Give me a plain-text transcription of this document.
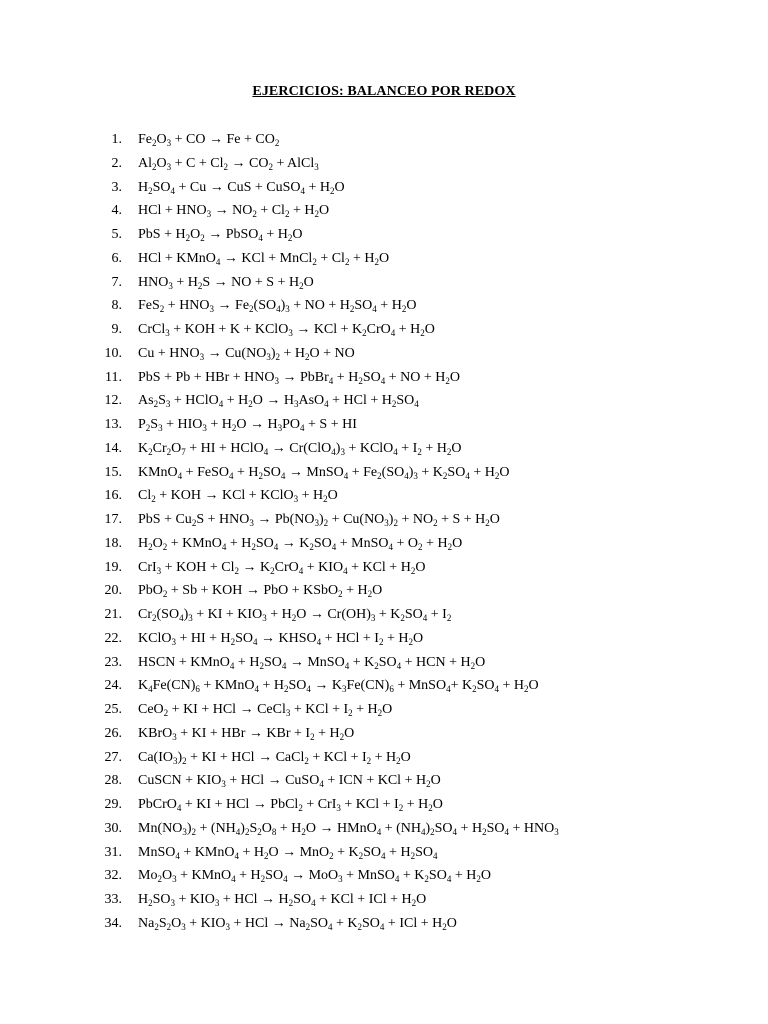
EJERCICIOS: BALANCEO POR REDOX
1. $Fe_2O_3$ + CO → $Fe + CO_2$
2. $Al_2O_3 + C + Cl_2 \to CO_2$ + AlCl$_3$
3. $H_2SO_4 + Cu$ → CuS + CuSO$_4$ + $H_2O$
4. HCl + $HNO_3 \to NO_2 + Cl_2 + H_2O$
5. PbS + $H_2O_2$ → PbSO$_4$ + $H_2O$
6. HCl + KMnO$_4$ → KCl + MnCl$_2$ + $Cl_2 + H_2O$
7. $HNO_3 + H_2S$ → NO + $S + H_2O$
8. $FeS_2 + HNO_3 \to Fe_2(SO_4)_3$ + NO + $H_2SO_4 + H_2O$
9. CrCl$_3$ + KOH + K + KClO$_3$ → KCl + $K_2CrO_4 + H_2O$
10. $Cu + HNO_3 \to Cu(NO_3)_2 + H_2O$ + NO
11. PbS + Pb + HBr + $HNO_3$ → PbBr$_4$ + $H_2SO_4$ + NO + $H_2O$
12. $As_2S_3$ + HClO$_4$ + $H_2O \to H_3AsO_4$ + HCl + $H_2SO_4$
13. $P_2S_3 + HIO_3 + H_2O \to H_3PO_4 + S$ + HI
14. $K_2Cr_2O_7$ + HI + HClO$_4$ → $Cr(ClO_4)_3$ + KClO$_4$ + $I_2 + H_2O$
15. KMnO$_4$ + FeSO$_4$ + $H_2SO_4$ → MnSO$_4$ + $Fe_2(SO_4)_3 + K_2SO_4 + H_2O$
16. $Cl_2$ + KOH → KCl + KClO$_3$ + $H_2O$
17. PbS + $Cu_2S + HNO_3 \to Pb(NO_3)_2 + Cu(NO_3)_2 + NO_2 + S + H_2O$
18. $H_2O_2$ + KMnO$_4$ + $H_2SO_4 \to K_2SO_4$ + MnSO$_4$ + $O_2 + H_2O$
19. CrI$_3$ + KOH + $Cl_2 \to K_2CrO_4 + KIO_4$ + KCl + $H_2O$
20. PbO$_2$ + Sb + KOH → PbO + KSbO$_2$ + $H_2O$
21. $Cr_2(SO_4)_3$ + KI + $KIO_3 + H_2O \to Cr(OH)_3 + K_2SO_4 + I_2$
22. KClO$_3$ + HI + $H_2SO_4$ → $KHSO_4$ + HCl + $I_2 + H_2O$
23. HSCN + KMnO$_4$ + $H_2SO_4$ → MnSO$_4$ + $K_2SO_4$ + HCN + $H_2O$
24. $K_4Fe(CN)_6$ + KMnO$_4$ + $H_2SO_4 \to K_3Fe(CN)_6$ + MnSO$_4$+ $K_2SO_4 + H_2O$
25. CeO$_2$ + KI + HCl → CeCl$_3$ + KCl + $I_2 + H_2O$
26. KBrO$_3$ + KI + HBr → KBr + $I_2 + H_2O$
27. $Ca(IO_3)_2$ + KI + HCl → CaCl$_2$ + KCl + $I_2 + H_2O$
28. CuSCN + $KIO_3$ + HCl → CuSO$_4$ + ICN + KCl + $H_2O$
29. PbCrO$_4$ + KI + HCl → PbCl$_2$ + CrI$_3$ + KCl + $I_2 + H_2O$
30. $Mn(NO_3)_2 + (NH_4)_2S_2O_8 + H_2O$ → HMnO$_4$ + $(NH_4)_2SO_4 + H_2SO_4 + HNO_3$
31. MnSO$_4$ + KMnO$_4$ + $H_2O \to MnO_2 + K_2SO_4 + H_2SO_4$
32. $Mo_2O_3$ + KMnO$_4$ + $H_2SO_4 \to MoO_3$ + MnSO$_4$ + $K_2SO_4 + H_2O$
33. $H_2SO_3 + KIO_3$ + HCl → $H_2SO_4$ + KCl + ICl + $H_2O$
34. $Na_2S_2O_3 + KIO_3$ + HCl → $Na_2SO_4 + K_2SO_4$ + ICl + $H_2O$
